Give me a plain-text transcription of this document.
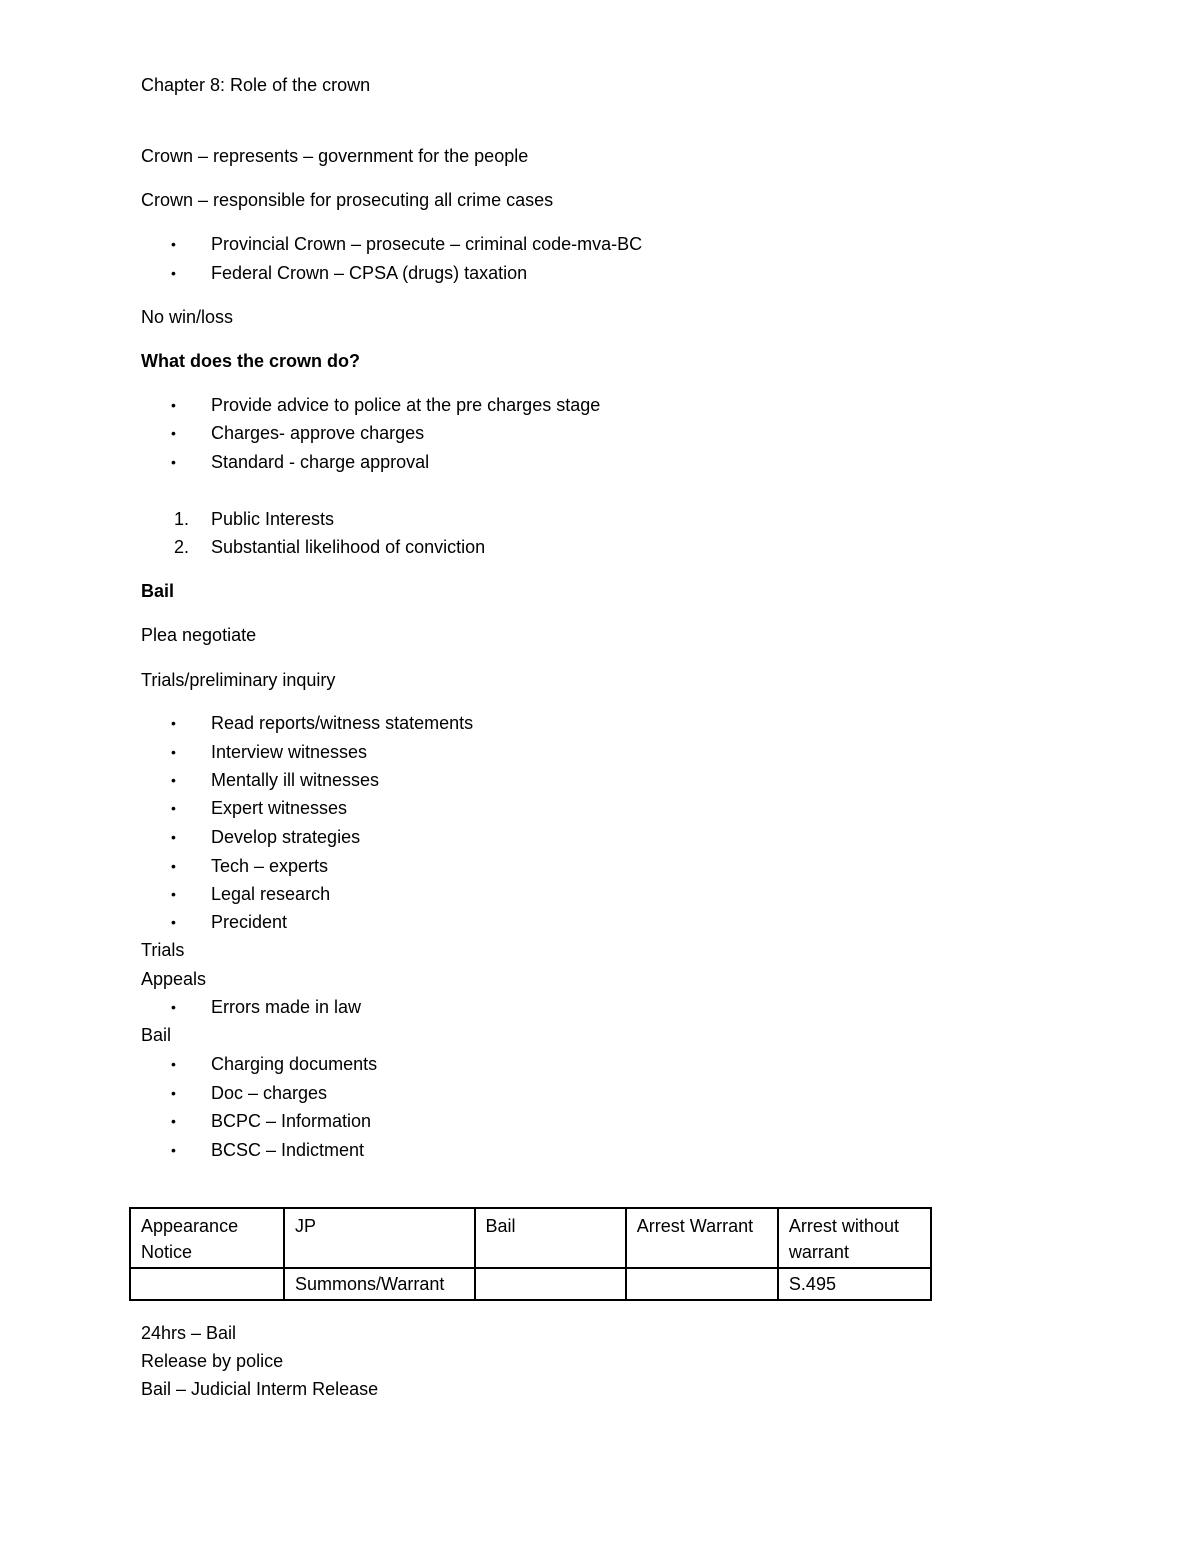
Chapter 8: Role of the crown
Crown – represents – government for the people
Crown – responsible for prosecuting all crime cases
•	Provincial Crown – prosecute – criminal code-mva-BC
•	Federal Crown – CPSA (drugs) taxation
No win/loss
What does the crown do?
•	Provide advice to police at the pre charges stage
•	Charges- approve charges
•	Standard - charge approval
1.	Public Interests
2.	Substantial likelihood of conviction
Bail
Plea negotiate
Trials/preliminary inquiry
•	Read reports/witness statements
•	Interview witnesses
•	Mentally ill witnesses
•	Expert witnesses
•	Develop strategies
•	Tech – experts
•	Legal research
•	Precident
Trials
Appeals
•	Errors made in law
Bail
•	Charging documents
•	Doc – charges
•	BCPC – Information
•	BCSC – Indictment
Appearance Notice	JP	Bail	Arrest Warrant	Arrest without warrant
	Summons/Warrant			S.495
24hrs – Bail
Release by police
Bail – Judicial Interm Release
